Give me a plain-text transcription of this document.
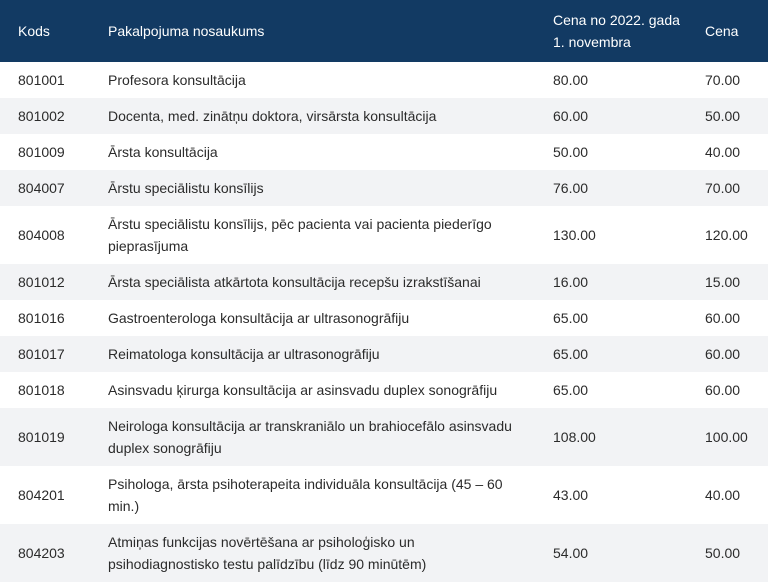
Kods	Pakalpojuma nosaukums	Cena no 2022. gada 1. novembra	Cena
801001	Profesora konsultācija	80.00	70.00
801002	Docenta, med. zinātņu doktora, virsārsta konsultācija	60.00	50.00
801009	Ārsta konsultācija	50.00	40.00
804007	Ārstu speciālistu konsīlijs	76.00	70.00
804008	Ārstu speciālistu konsīlijs, pēc pacienta vai pacienta piederīgo pieprasījuma	130.00	120.00
801012	Ārsta speciālista atkārtota konsultācija recepšu izrakstīšanai	16.00	15.00
801016	Gastroenterologa konsultācija ar ultrasonogrāfiju	65.00	60.00
801017	Reimatologa konsultācija ar ultrasonogrāfiju	65.00	60.00
801018	Asinsvadu ķirurga konsultācija ar asinsvadu duplex sonogrāfiju	65.00	60.00
801019	Neirologa konsultācija ar transkraniālo un brahiocefālo asinsvadu duplex sonogrāfiju	108.00	100.00
804201	Psihologa, ārsta psihoterapeita individuāla konsultācija (45 – 60 min.)	43.00	40.00
804203	Atmiņas funkcijas novērtēšana ar psiholoģisko un psihodiagnostisko testu palīdzību (līdz 90 minūtēm)	54.00	50.00
